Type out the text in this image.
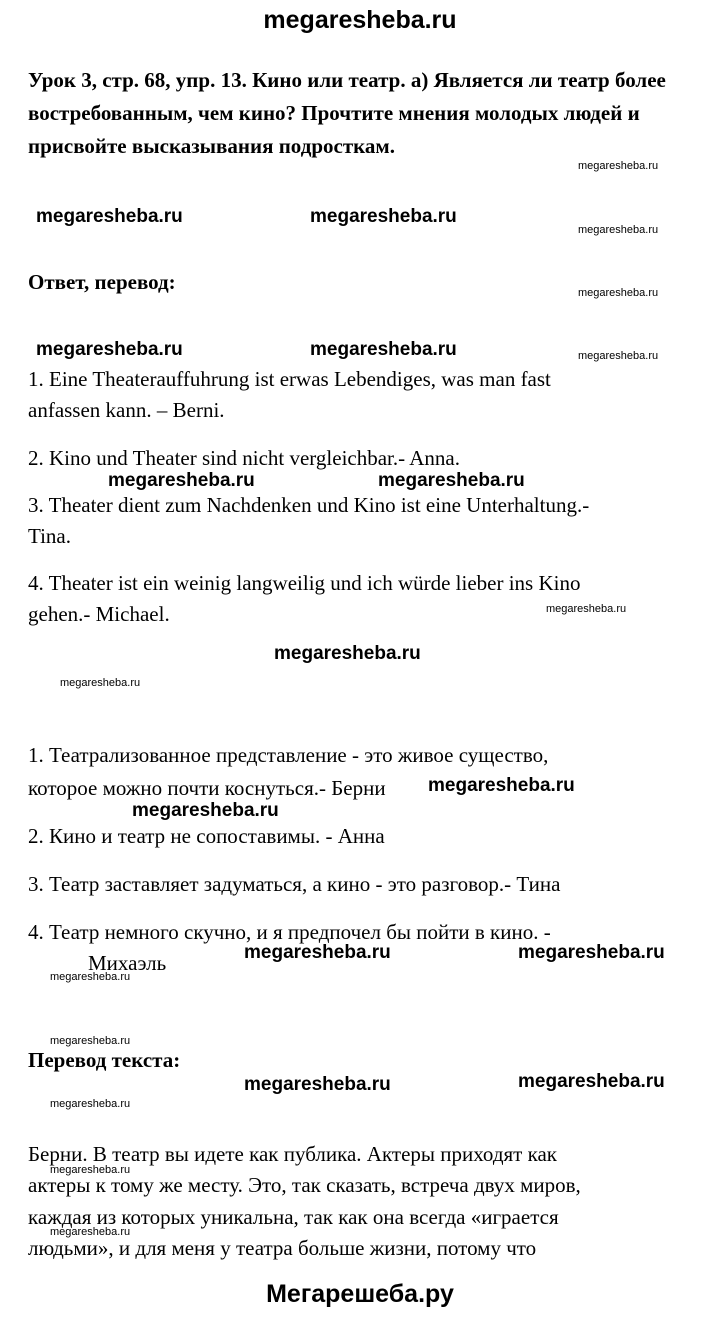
megaresheba.ru
Урок 3, стр. 68, упр. 13. Кино или театр. а) Является ли театр более востребованным, чем кино? Прочтите мнения молодых людей и присвойте высказывания подросткам.
megaresheba.ru
megaresheba.ru	megaresheba.ru
megaresheba.ru
Ответ, перевод:	megaresheba.ru
megaresheba.ru	megaresheba.ru	megaresheba.ru
1. Eine Theaterauffuhrung ist erwas Lebendiges, was man fast
anfassen kann. – Berni.
2. Kino und Theater sind nicht vergleichbar.- Anna.
megaresheba.ru	megaresheba.ru
3. Theater dient zum Nachdenken und Kino ist eine Unterhaltung.-
Tina.
4. Theater ist ein weinig langweilig und ich würde lieber ins Kino
megaresheba.ru
gehen.- Michael.
megaresheba.ru
megaresheba.ru
1. Театрализованное представление - это живое существо,
которое можно почти коснуться.- Берни megaresheba.ru
megaresheba.ru
2. Кино и театр не сопоставимы. - Анна
3. Театр заставляет задуматься, а кино - это разговор.- Тина
4. Театр немного скучно, и я предпочел бы пойти в кино. -
megaresheba.ru	megaresheba.ru
Михаэль
megaresheba.ru
megaresheba.ru
Перевод текста:
megaresheba.ru	megaresheba.ru
megaresheba.ru
Берни. В театр вы идете как публика. Актеры приходят как
megaresheba.ru
актеры к тому же месту. Это, так сказать, встреча двух миров,
каждая из которых уникальна, так как она всегда «играется
megaresheba.ru
людьми», и для меня у театра больше жизни, потому что
Мегарешеба.ру
